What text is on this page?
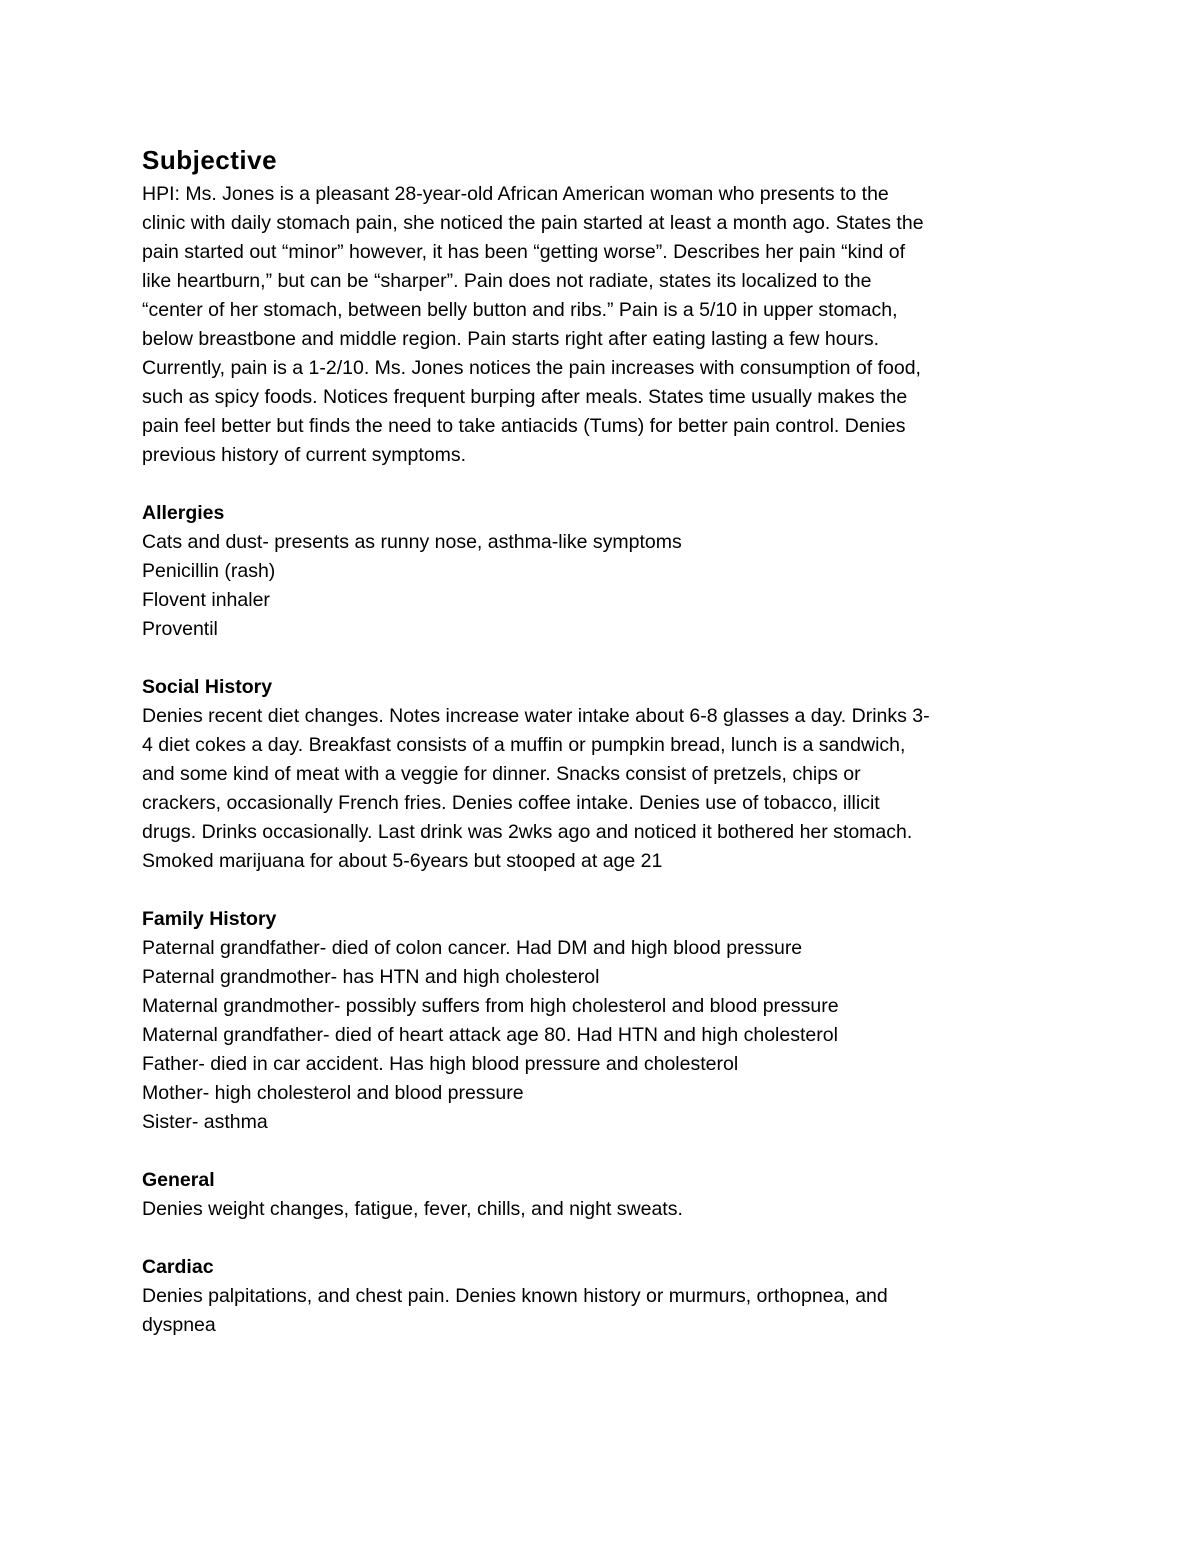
Subjective
HPI: Ms. Jones is a pleasant 28-year-old African American woman who presents to the
clinic with daily stomach pain, she noticed the pain started at least a month ago. States the
pain started out “minor” however, it has been “getting worse”. Describes her pain “kind of
like heartburn,” but can be “sharper”. Pain does not radiate, states its localized to the
“center of her stomach, between belly button and ribs.” Pain is a 5/10 in upper stomach,
below breastbone and middle region. Pain starts right after eating lasting a few hours.
Currently, pain is a 1-2/10. Ms. Jones notices the pain increases with consumption of food,
such as spicy foods. Notices frequent burping after meals. States time usually makes the
pain feel better but finds the need to take antiacids (Tums) for better pain control. Denies
previous history of current symptoms.
Allergies
Cats and dust- presents as runny nose, asthma-like symptoms
Penicillin (rash)
Flovent inhaler
Proventil
Social History
Denies recent diet changes. Notes increase water intake about 6-8 glasses a day. Drinks 3-
4 diet cokes a day. Breakfast consists of a muffin or pumpkin bread, lunch is a sandwich,
and some kind of meat with a veggie for dinner. Snacks consist of pretzels, chips or
crackers, occasionally French fries. Denies coffee intake. Denies use of tobacco, illicit
drugs. Drinks occasionally. Last drink was 2wks ago and noticed it bothered her stomach.
Smoked marijuana for about 5-6years but stooped at age 21
Family History
Paternal grandfather- died of colon cancer. Had DM and high blood pressure
Paternal grandmother- has HTN and high cholesterol
Maternal grandmother- possibly suffers from high cholesterol and blood pressure
Maternal grandfather- died of heart attack age 80. Had HTN and high cholesterol
Father- died in car accident. Has high blood pressure and cholesterol
Mother- high cholesterol and blood pressure
Sister- asthma
General
Denies weight changes, fatigue, fever, chills, and night sweats.
Cardiac
Denies palpitations, and chest pain. Denies known history or murmurs, orthopnea, and
dyspnea
